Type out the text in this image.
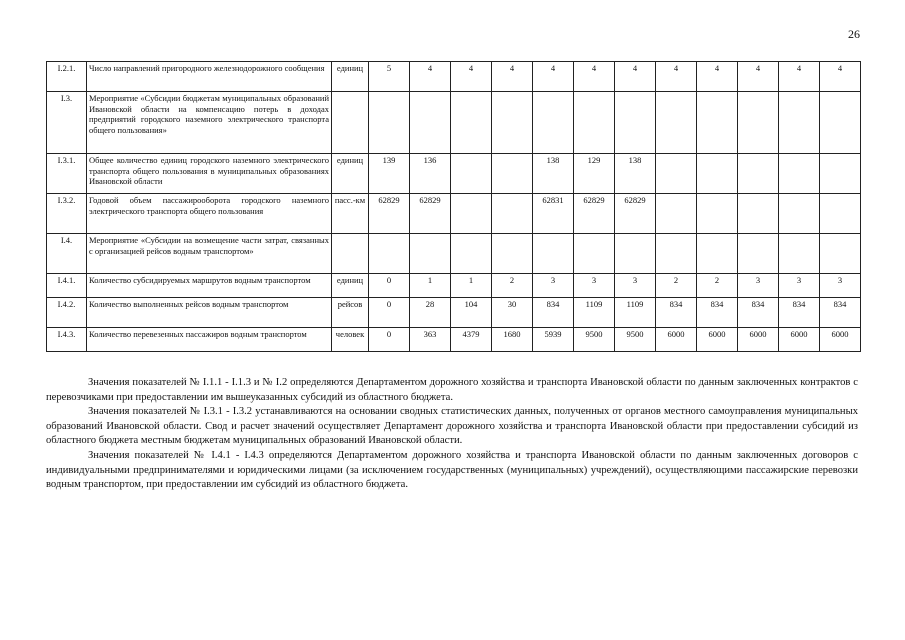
26
I.2.1.	Число направлений пригородного железнодорожного сообщения	единиц	5	4	4	4	4	4	4	4	4	4	4	4
I.3.	Мероприятие «Субсидии бюджетам муниципальных образований Ивановской области на компенсацию потерь в доходах предприятий городского наземного электрического транспорта общего пользования»													
I.3.1.	Общее количество единиц городского наземного электрического транспорта общего пользования в муниципальных образованиях Ивановской области	единиц	139	136			138	129	138					
I.3.2.	Годовой объем пассажирооборота городского наземного электрического транспорта общего пользования	пасс.-км	62829	62829			62831	62829	62829					
I.4.	Мероприятие «Субсидии на возмещение части затрат, связанных с организацией рейсов водным транспортом»													
I.4.1.	Количество субсидируемых маршрутов водным транспортом	единиц	0	1	1	2	3	3	3	2	2	3	3	3
I.4.2.	Количество выполненных рейсов водным транспортом	рейсов	0	28	104	30	834	1109	1109	834	834	834	834	834
I.4.3.	Количество перевезенных пассажиров водным транспортом	человек	0	363	4379	1680	5939	9500	9500	6000	6000	6000	6000	6000

Значения показателей № I.1.1 - I.1.3 и № I.2 определяются Департаментом дорожного хозяйства и транспорта Ивановской области по данным заключенных контрактов с перевозчиками при предоставлении им вышеуказанных субсидий из областного бюджета.

Значения показателей № I.3.1 - I.3.2 устанавливаются на основании сводных статистических данных, полученных от органов местного самоуправления муниципальных образований Ивановской области. Свод и расчет значений осуществляет Департамент дорожного хозяйства и транспорта Ивановской области при предоставлении субсидий из областного бюджета местным бюджетам муниципальных образований Ивановской области.

Значения показателей № I.4.1 - I.4.3 определяются Департаментом дорожного хозяйства и транспорта Ивановской области по данным заключенных договоров с индивидуальными предпринимателями и юридическими лицами (за исключением государственных (муниципальных) учреждений), осуществляющими пассажирские перевозки водным транспортом, при предоставлении им субсидий из областного бюджета.
